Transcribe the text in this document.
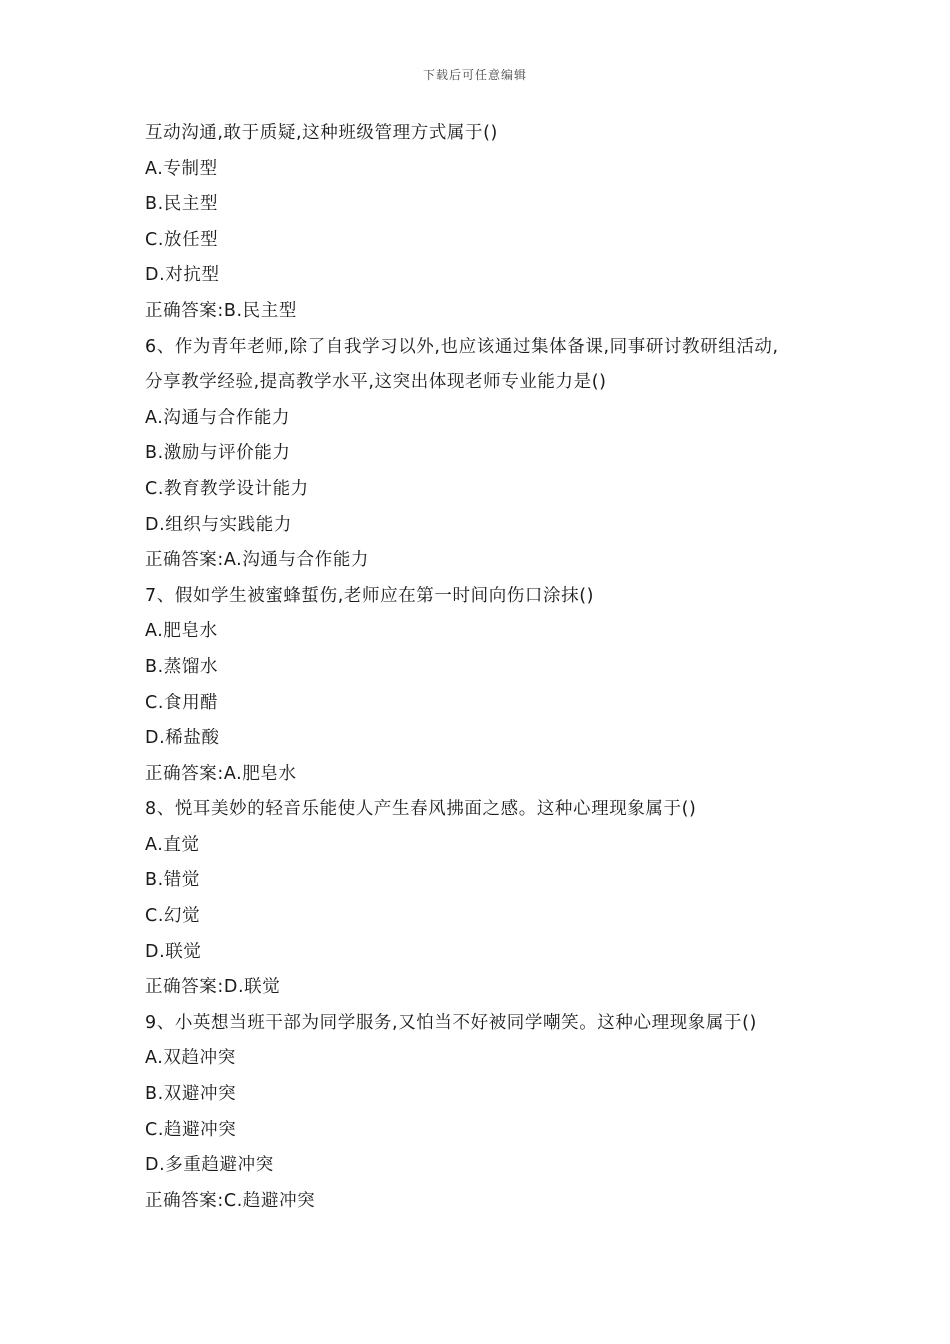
下载后可任意编辑
互动沟通,敢于质疑,这种班级管理方式属于()
A.专制型
B.民主型
C.放任型
D.对抗型
正确答案:B.民主型
6、作为青年老师,除了自我学习以外,也应该通过集体备课,同事研讨教研组活动,
分享教学经验,提高教学水平,这突出体现老师专业能力是()
A.沟通与合作能力
B.激励与评价能力
C.教育教学设计能力
D.组织与实践能力
正确答案:A.沟通与合作能力
7、假如学生被蜜蜂蜇伤,老师应在第一时间向伤口涂抹()
A.肥皂水
B.蒸馏水
C.食用醋
D.稀盐酸
正确答案:A.肥皂水
8、悦耳美妙的轻音乐能使人产生春风拂面之感。这种心理现象属于()
A.直觉
B.错觉
C.幻觉
D.联觉
正确答案:D.联觉
9、小英想当班干部为同学服务,又怕当不好被同学嘲笑。这种心理现象属于()
A.双趋冲突
B.双避冲突
C.趋避冲突
D.多重趋避冲突
正确答案:C.趋避冲突
